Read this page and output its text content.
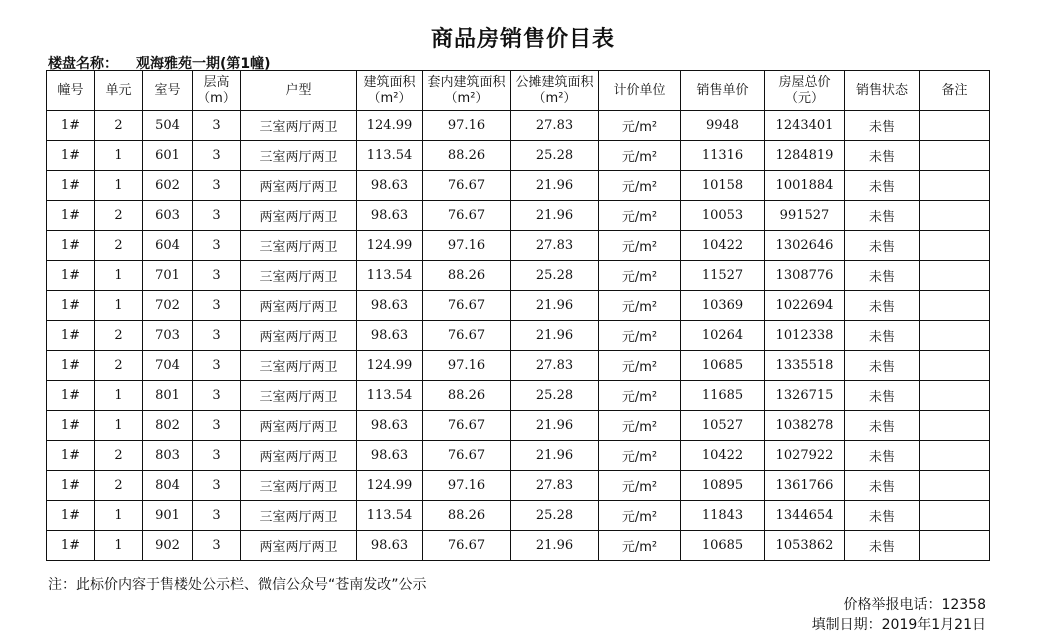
商品房销售价目表
楼盘名称： 观海雅苑一期(第1幢)
幢号	单元	室号	层高（m）	户型	建筑面积（m²）	套内建筑面积（m²）	公摊建筑面积（m²）	计价单位	销售单价	房屋总价（元）	销售状态	备注
1#	2	504	3	三室两厅两卫	124.99	97.16	27.83	元/m²	9948	1243401	未售	
1#	1	601	3	三室两厅两卫	113.54	88.26	25.28	元/m²	11316	1284819	未售	
1#	1	602	3	两室两厅两卫	98.63	76.67	21.96	元/m²	10158	1001884	未售	
1#	2	603	3	两室两厅两卫	98.63	76.67	21.96	元/m²	10053	991527	未售	
1#	2	604	3	三室两厅两卫	124.99	97.16	27.83	元/m²	10422	1302646	未售	
1#	1	701	3	三室两厅两卫	113.54	88.26	25.28	元/m²	11527	1308776	未售	
1#	1	702	3	两室两厅两卫	98.63	76.67	21.96	元/m²	10369	1022694	未售	
1#	2	703	3	两室两厅两卫	98.63	76.67	21.96	元/m²	10264	1012338	未售	
1#	2	704	3	三室两厅两卫	124.99	97.16	27.83	元/m²	10685	1335518	未售	
1#	1	801	3	三室两厅两卫	113.54	88.26	25.28	元/m²	11685	1326715	未售	
1#	1	802	3	两室两厅两卫	98.63	76.67	21.96	元/m²	10527	1038278	未售	
1#	2	803	3	两室两厅两卫	98.63	76.67	21.96	元/m²	10422	1027922	未售	
1#	2	804	3	三室两厅两卫	124.99	97.16	27.83	元/m²	10895	1361766	未售	
1#	1	901	3	三室两厅两卫	113.54	88.26	25.28	元/m²	11843	1344654	未售	
1#	1	902	3	两室两厅两卫	98.63	76.67	21.96	元/m²	10685	1053862	未售	
注：此标价内容于售楼处公示栏、微信公众号“苍南发改”公示
价格举报电话：12358
填制日期：2019年1月21日
